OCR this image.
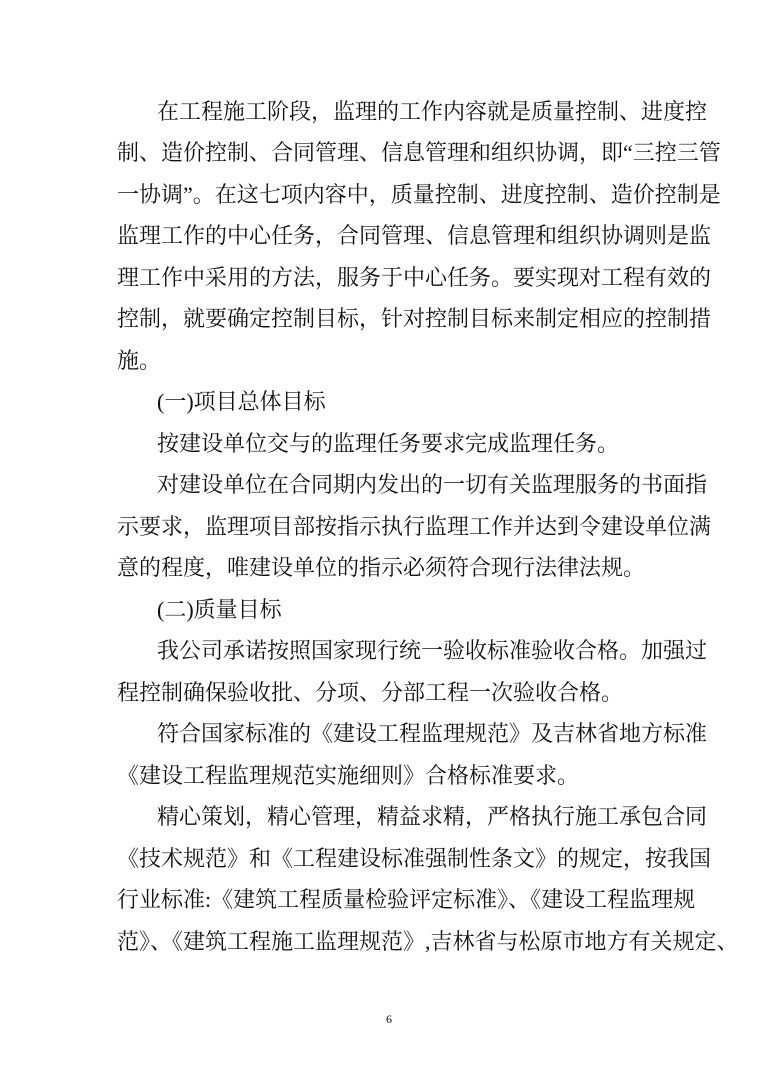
在工程施工阶段，监理的工作内容就是质量控制、进度控
制、造价控制、合同管理、信息管理和组织协调，即“三控三管
一协调”。在这七项内容中，质量控制、进度控制、造价控制是
监理工作的中心任务，合同管理、信息管理和组织协调则是监
理工作中采用的方法，服务于中心任务。要实现对工程有效的
控制，就要确定控制目标，针对控制目标来制定相应的控制措
施。
(一)项目总体目标
按建设单位交与的监理任务要求完成监理任务。
对建设单位在合同期内发出的一切有关监理服务的书面指
示要求，监理项目部按指示执行监理工作并达到令建设单位满
意的程度，唯建设单位的指示必须符合现行法律法规。
(二)质量目标
我公司承诺按照国家现行统一验收标准验收合格。加强过
程控制确保验收批、分项、分部工程一次验收合格。
符合国家标准的《建设工程监理规范》及吉林省地方标准
《建设工程监理规范实施细则》合格标准要求。
精心策划，精心管理，精益求精，严格执行施工承包合同
《技术规范》和《工程建设标准强制性条文》的规定，按我国
行业标准:《建筑工程质量检验评定标准》、《建设工程监理规
范》、《建筑工程施工监理规范》,吉林省与松原市地方有关规定、
6
